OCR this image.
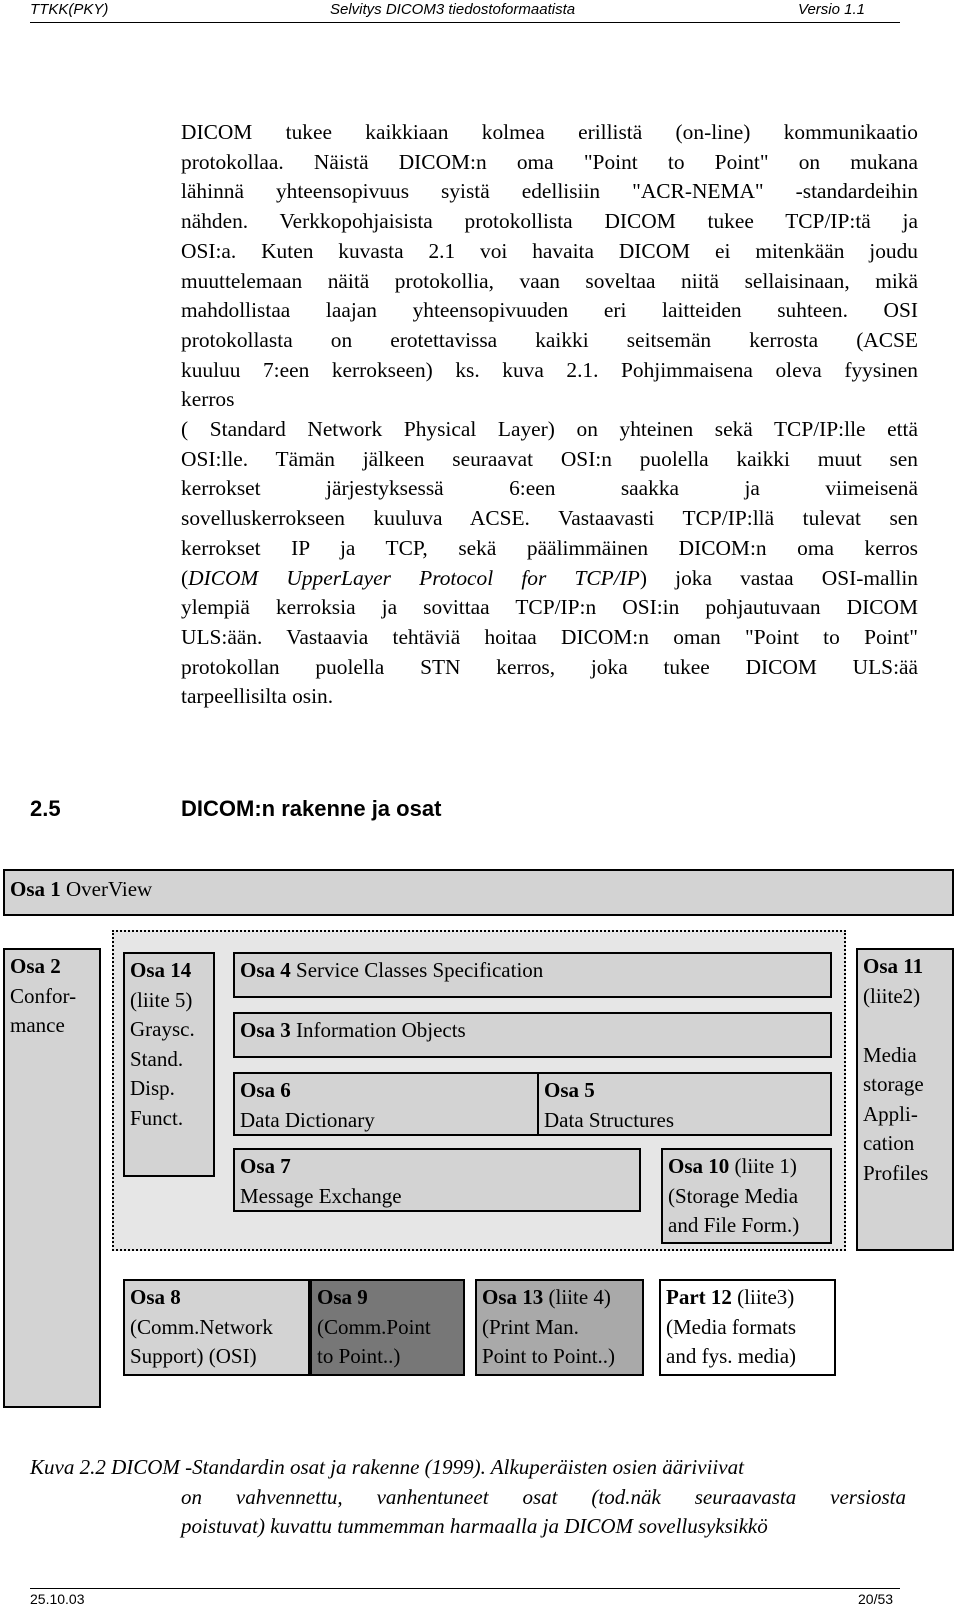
TTKK(PKY)	Selvitys DICOM3 tiedostoformaatista	Versio 1.1

DICOM tukee kaikkiaan kolmea erillistä (on-line) kommunikaatio

protokollaa. Näistä DICOM:n oma "Point to Point" on mukana

lähinnä yhteensopivuus syistä edellisiin "ACR-NEMA" -standardeihin

nähden. Verkkopohjaisista protokollista DICOM tukee TCP/IP:tä ja

OSI:a. Kuten kuvasta 2.1 voi havaita DICOM ei mitenkään joudu

muuttelemaan näitä protokollia, vaan soveltaa niitä sellaisinaan, mikä

mahdollistaa laajan yhteensopivuuden eri laitteiden suhteen. OSI

protokollasta on erotettavissa kaikki seitsemän kerrosta (ACSE

kuuluu 7:een kerrokseen) ks. kuva 2.1. Pohjimmaisena oleva fyysinen

kerros

( Standard Network Physical Layer) on yhteinen sekä TCP/IP:lle että

OSI:lle. Tämän jälkeen seuraavat OSI:n puolella kaikki muut sen

kerrokset järjestyksessä 6:een saakka ja viimeisenä

sovelluskerrokseen kuuluva ACSE. Vastaavasti TCP/IP:llä tulevat sen

kerrokset IP ja TCP, sekä päälimmäinen DICOM:n oma kerros

(DICOM UpperLayer Protocol for TCP/IP) joka vastaa OSI-mallin

ylempiä kerroksia ja sovittaa TCP/IP:n OSI:in pohjautuvaan DICOM

ULS:ään. Vastaavia tehtäviä hoitaa DICOM:n oman "Point to Point"

protokollan puolella STN kerros, joka tukee DICOM ULS:ää

tarpeellisilta osin.

2.5	DICOM:n rakenne ja osat
Osa 1 OverView
Osa 2
Confor-
mance
Osa 14
(liite 5)
Graysc.
Stand.
Disp.
Funct.
Osa 4 Service Classes Specification
Osa 3 Information Objects
Osa 6
Data Dictionary
Osa 5
Data Structures
Osa 7
Message Exchange
Osa 10 (liite 1)
(Storage Media
and File Form.)
Osa 11
(liite2)

Media
storage
Appli-
cation
Profiles
Osa 8
(Comm.Network
Support) (OSI)
Osa 9
(Comm.Point
to Point..)
Osa 13 (liite 4)
(Print Man.
Point to Point..)
Part 12 (liite3)
(Media formats
and fys. media)
Kuva 2.2 DICOM -Standardin osat ja rakenne (1999). Alkuperäisten osien ääriviivat
on vahvennettu, vanhentuneet osat (tod.näk seuraavasta versiosta
poistuvat) kuvattu tummemman harmaalla ja DICOM sovellusyksikkö
25.10.03	20/53
